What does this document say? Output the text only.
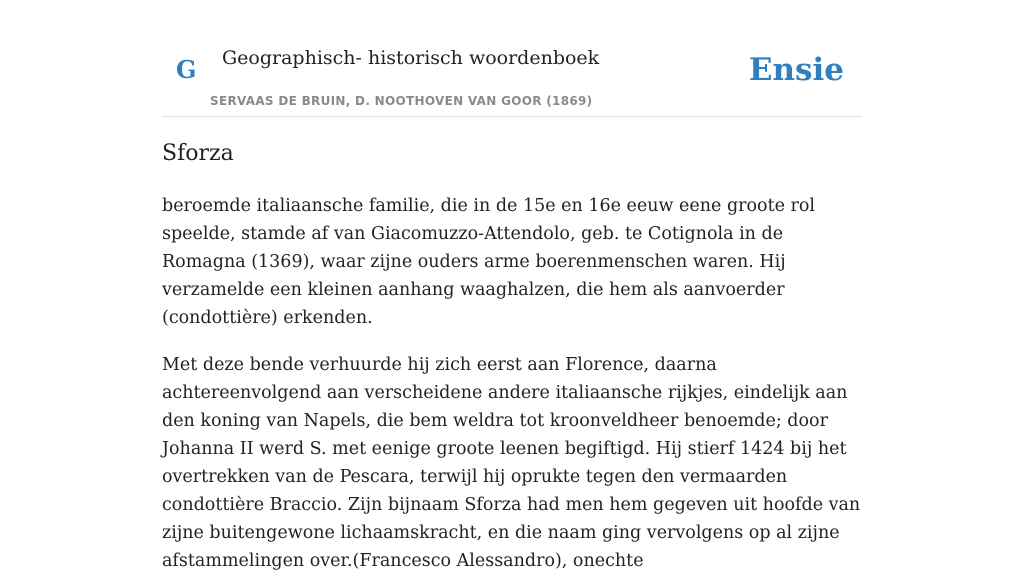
G Geographisch- historisch woordenboek
SERVAAS DE BRUIN, D. NOOTHOVEN VAN GOOR (1869)
Ensie
Sforza

beroemde italiaansche familie, die in de 15e en 16e eeuw eene groote rol speelde, stamde af van Giacomuzzo-Attendolo, geb. te Cotignola in de Romagna (1369), waar zijne ouders arme boerenmenschen waren. Hij verzamelde een kleinen aanhang waaghalzen, die hem als aanvoerder (condottière) erkenden.

Met deze bende verhuurde hij zich eerst aan Florence, daarna achtereenvolgend aan verscheidene andere italiaansche rijkjes, eindelijk aan den koning van Napels, die bem weldra tot kroonveldheer benoemde; door Johanna II werd S. met eenige groote leenen begiftigd. Hij stierf 1424 bij het overtrekken van de Pescara, terwijl hij oprukte tegen den vermaarden condottière Braccio. Zijn bijnaam Sforza had men hem gegeven uit hoofde van zijne buitengewone lichaamskracht, en die naam ging vervolgens op al zijne afstammelingen over.(Francesco Alessandro), onechte
